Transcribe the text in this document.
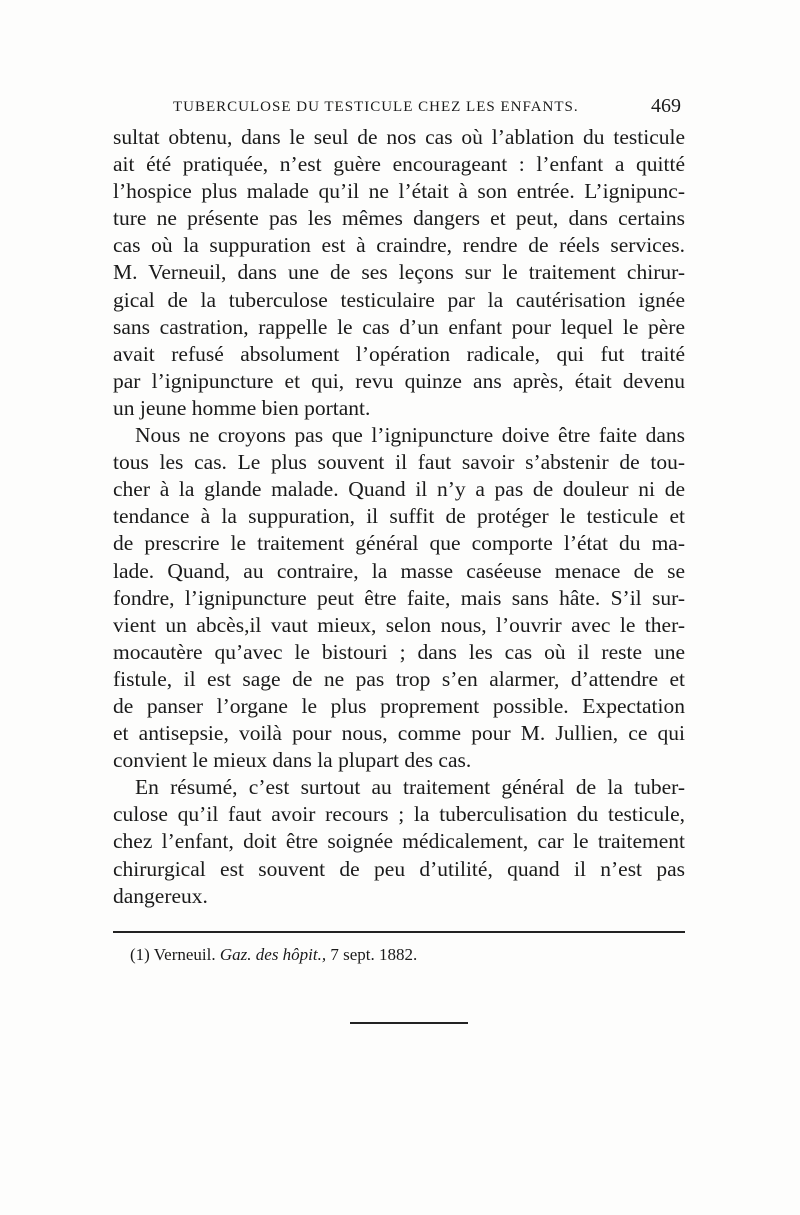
TUBERCULOSE DU TESTICULE CHEZ LES ENFANTS.	469
sultat obtenu, dans le seul de nos cas où l’ablation du testicule
ait été pratiquée, n’est guère encourageant : l’enfant a quitté
l’hospice plus malade qu’il ne l’était à son entrée. L’ignipunc-
ture ne présente pas les mêmes dangers et peut, dans certains
cas où la suppuration est à craindre, rendre de réels services.
M. Verneuil, dans une de ses leçons sur le traitement chirur-
gical de la tuberculose testiculaire par la cautérisation ignée
sans castration, rappelle le cas d’un enfant pour lequel le père
avait refusé absolument l’opération radicale, qui fut traité
par l’ignipuncture et qui, revu quinze ans après, était devenu
un jeune homme bien portant.
Nous ne croyons pas que l’ignipuncture doive être faite dans
tous les cas. Le plus souvent il faut savoir s’abstenir de tou-
cher à la glande malade. Quand il n’y a pas de douleur ni de
tendance à la suppuration, il suffit de protéger le testicule et
de prescrire le traitement général que comporte l’état du ma-
lade. Quand, au contraire, la masse caséeuse menace de se
fondre, l’ignipuncture peut être faite, mais sans hâte. S’il sur-
vient un abcès,il vaut mieux, selon nous, l’ouvrir avec le ther-
mocautère qu’avec le bistouri ; dans les cas où il reste une
fistule, il est sage de ne pas trop s’en alarmer, d’attendre et
de panser l’organe le plus proprement possible. Expectation
et antisepsie, voilà pour nous, comme pour M. Jullien, ce qui
convient le mieux dans la plupart des cas.
En résumé, c’est surtout au traitement général de la tuber-
culose qu’il faut avoir recours ; la tuberculisation du testicule,
chez l’enfant, doit être soignée médicalement, car le traitement
chirurgical est souvent de peu d’utilité, quand il n’est pas
dangereux.
(1) Verneuil. Gaz. des hôpit., 7 sept. 1882.
